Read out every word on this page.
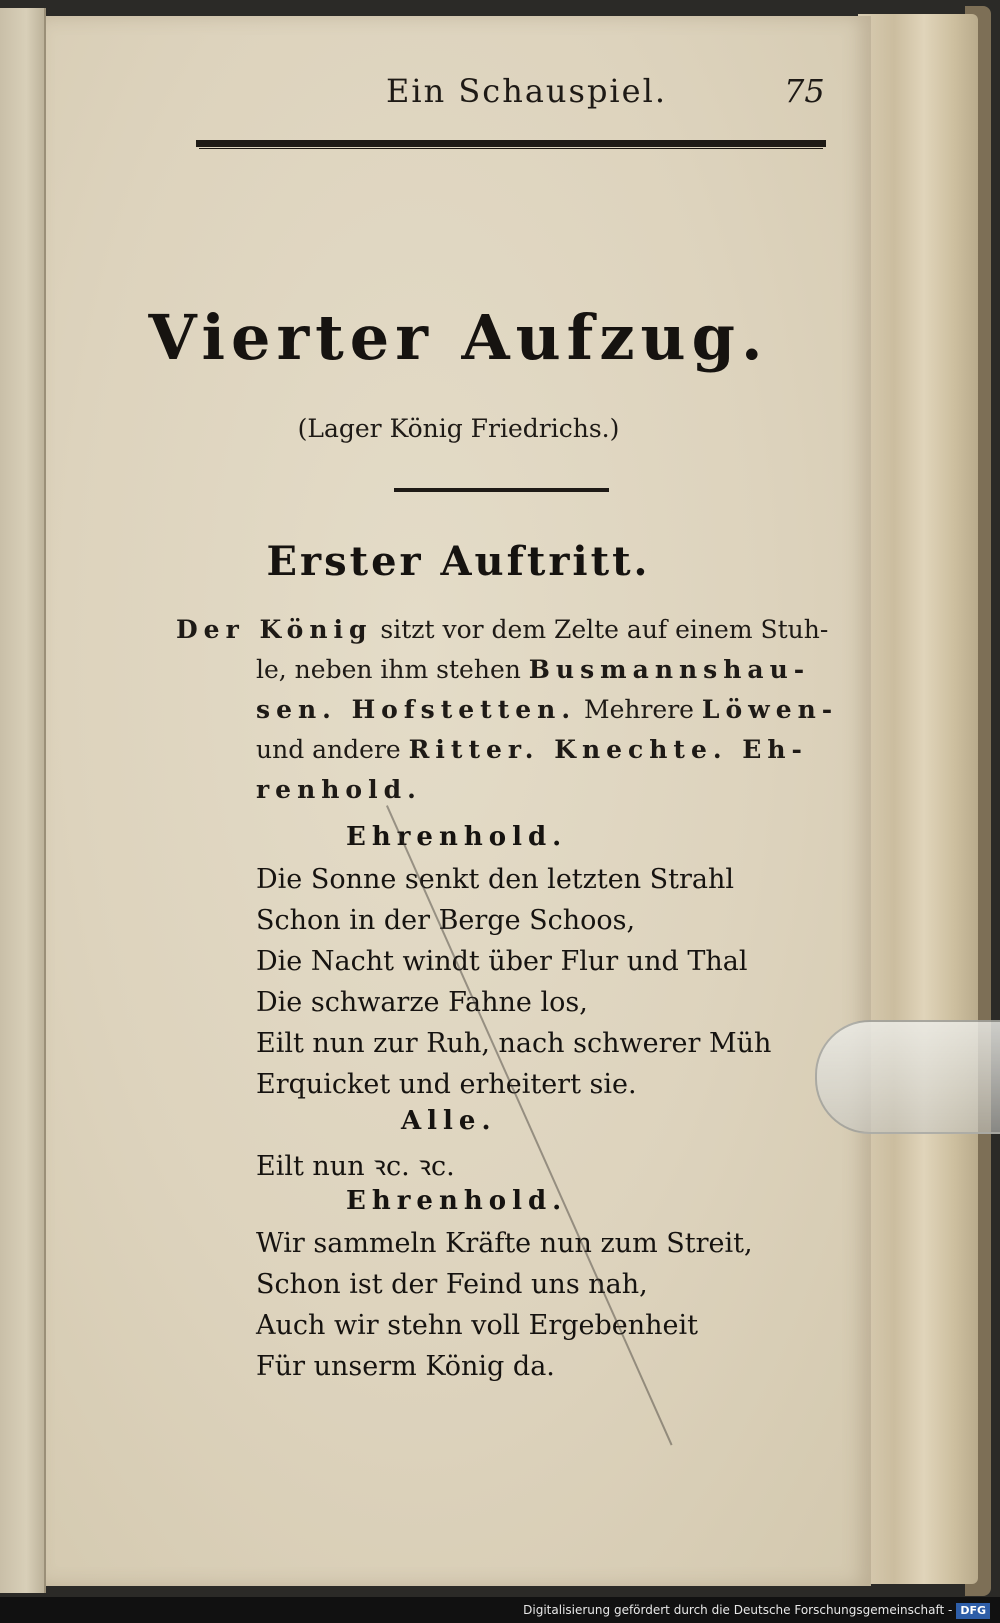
Ein Schauspiel.	75
Vierter Aufzug.
(Lager König Friedrichs.)
Erster Auftritt.
Der König sitzt vor dem Zelte auf einem Stuh-
le, neben ihm stehen Busmannshau-
sen. Hofstetten. Mehrere Löwen-
und andere Ritter. Knechte. Eh-
renhold.
Ehrenhold.
Die Sonne senkt den letzten Strahl
Schon in der Berge Schoos,
Die Nacht windt über Flur und Thal
Die schwarze Fahne los,
Eilt nun zur Ruh, nach schwerer Müh
Erquicket und erheitert sie.
Alle.
Eilt nun ꝛc. ꝛc.
Ehrenhold.
Wir sammeln Kräfte nun zum Streit,
Schon ist der Feind uns nah,
Auch wir stehn voll Ergebenheit
Für unserm König da.
Digitalisierung gefördert durch die Deutsche Forschungsgemeinschaft - DFG
